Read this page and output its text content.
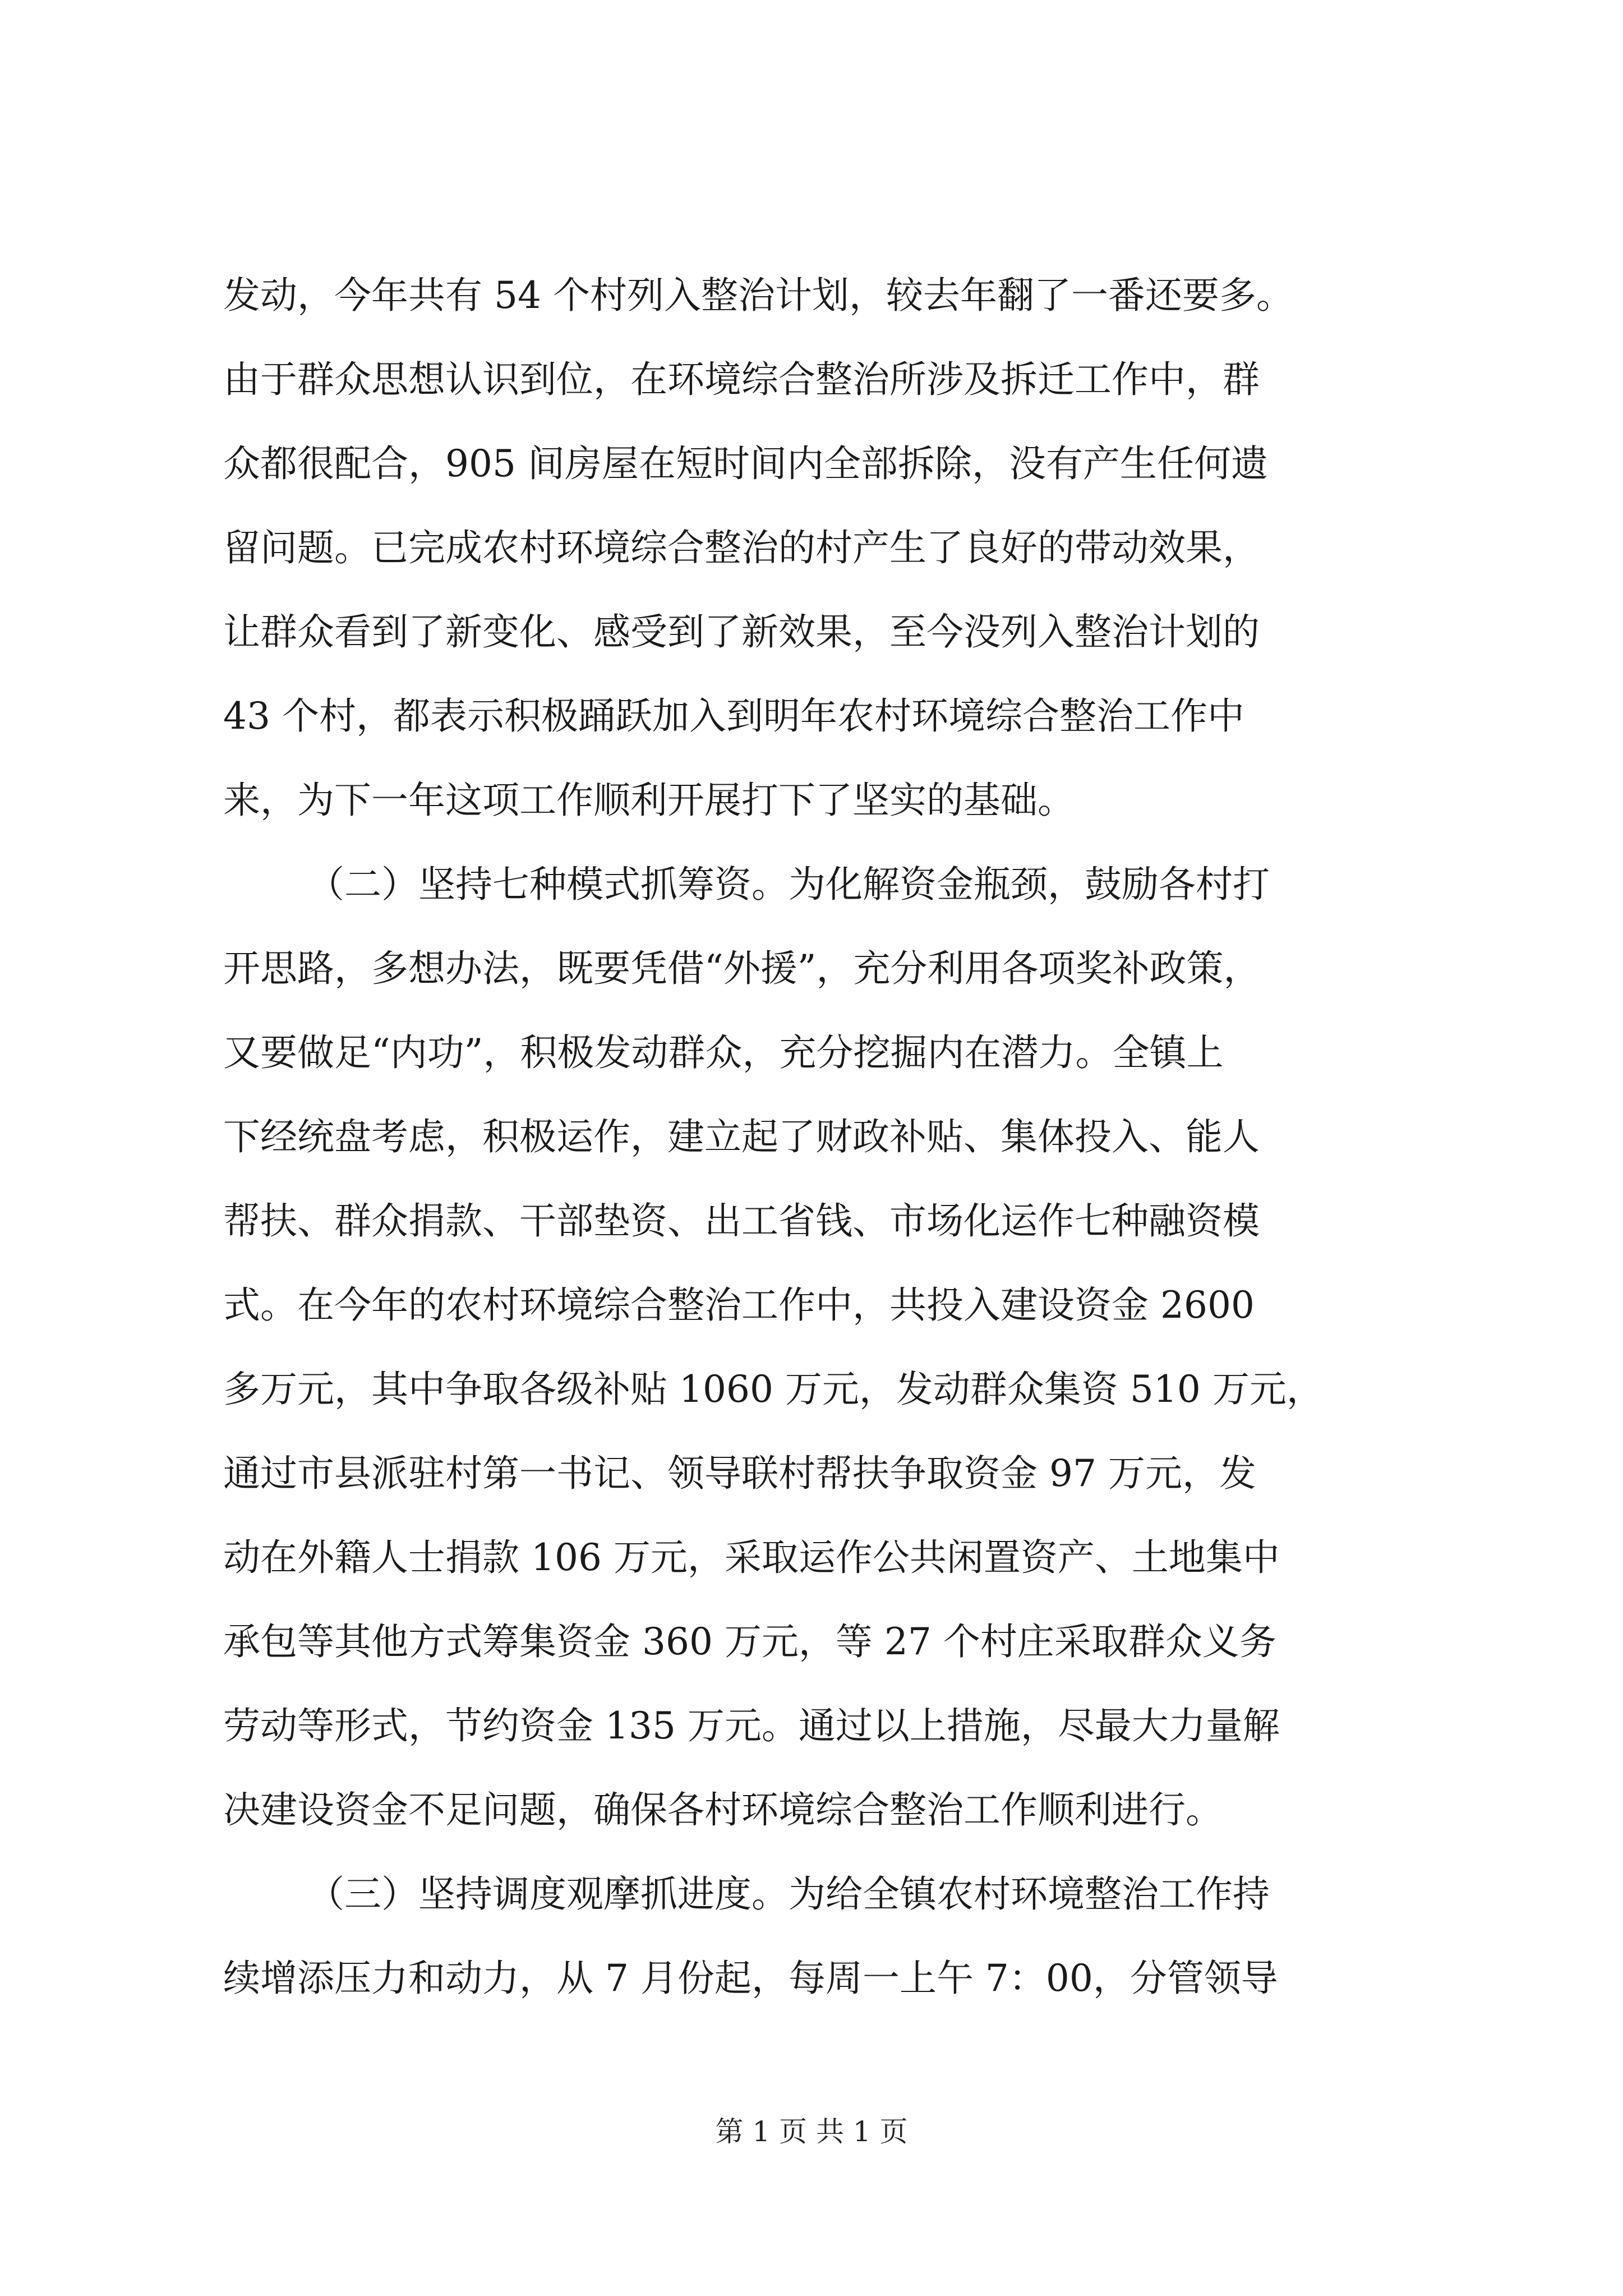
发动，今年共有 54 个村列入整治计划，较去年翻了一番还要多。
由于群众思想认识到位，在环境综合整治所涉及拆迁工作中，群
众都很配合，905 间房屋在短时间内全部拆除，没有产生任何遗
留问题。已完成农村环境综合整治的村产生了良好的带动效果，
让群众看到了新变化、感受到了新效果，至今没列入整治计划的
43 个村，都表示积极踊跃加入到明年农村环境综合整治工作中
来，为下一年这项工作顺利开展打下了坚实的基础。
（二）坚持七种模式抓筹资。为化解资金瓶颈，鼓励各村打
开思路，多想办法，既要凭借“外援”，充分利用各项奖补政策，
又要做足“内功”，积极发动群众，充分挖掘内在潜力。全镇上
下经统盘考虑，积极运作，建立起了财政补贴、集体投入、能人
帮扶、群众捐款、干部垫资、出工省钱、市场化运作七种融资模
式。在今年的农村环境综合整治工作中，共投入建设资金 2600
多万元，其中争取各级补贴 1060 万元，发动群众集资 510 万元，
通过市县派驻村第一书记、领导联村帮扶争取资金 97 万元，发
动在外籍人士捐款 106 万元，采取运作公共闲置资产、土地集中
承包等其他方式筹集资金 360 万元，等 27 个村庄采取群众义务
劳动等形式，节约资金 135 万元。通过以上措施，尽最大力量解
决建设资金不足问题，确保各村环境综合整治工作顺利进行。
（三）坚持调度观摩抓进度。为给全镇农村环境整治工作持
续增添压力和动力，从 7 月份起，每周一上午 7：00，分管领导
第 1 页 共 1 页
